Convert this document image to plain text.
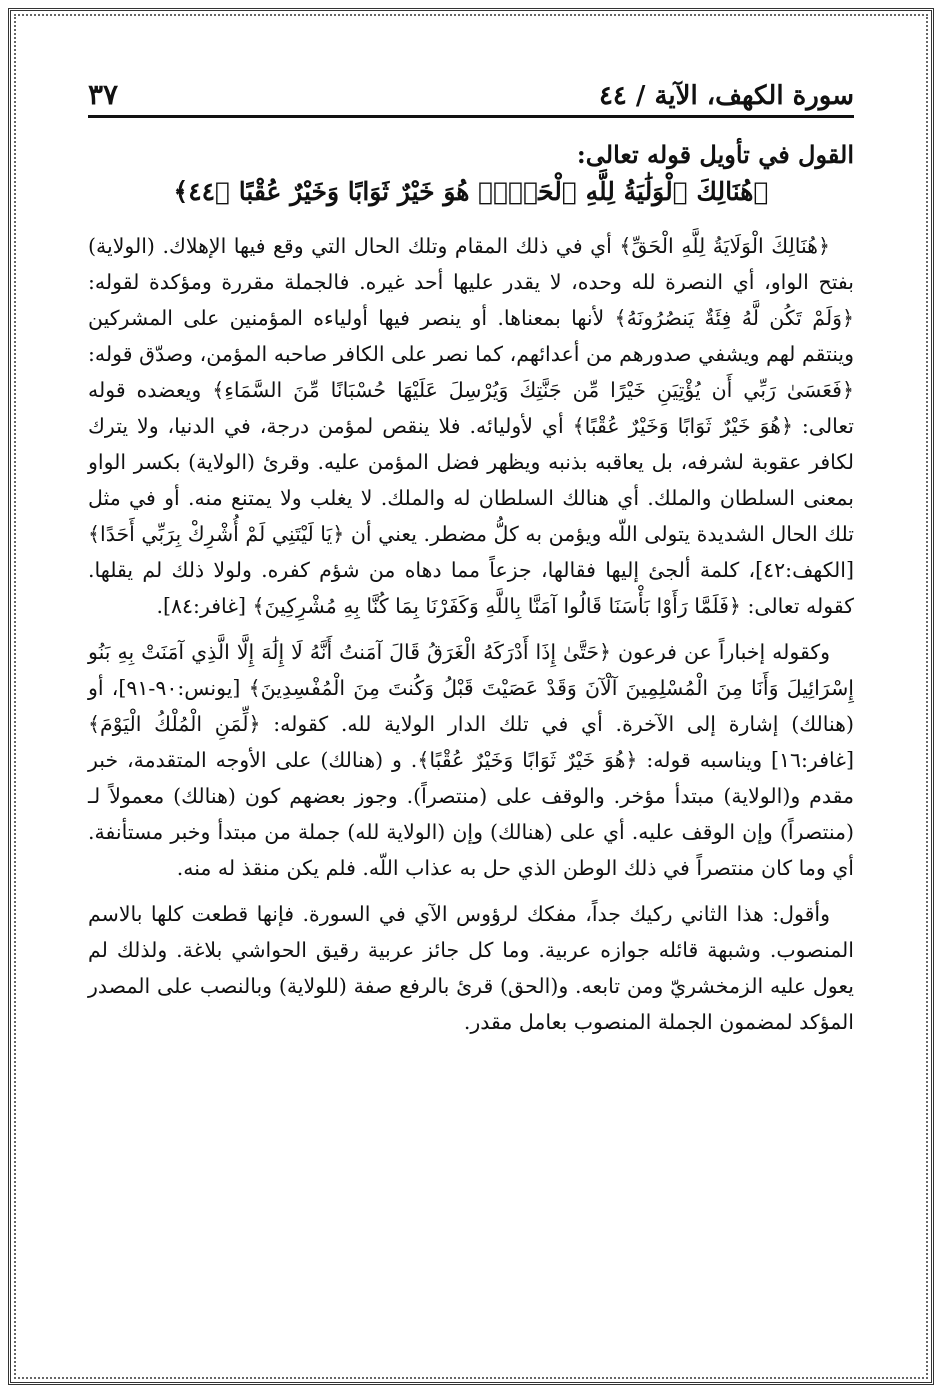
سورة الكهف، الآية / ٤٤
٣٧
القول في تأويل قوله تعالى:
﴿هُنَالِكَ ٱلْوَلَٰيَةُ لِلَّهِ ٱلْحَقِّۚ هُوَ خَيْرٌ ثَوَابًا وَخَيْرٌ عُقْبًا ﴿٤٤﴾

﴿هُنَالِكَ الْوَلَايَةُ لِلَّهِ الْحَقِّ﴾ أي في ذلك المقام وتلك الحال التي وقع فيها الإهلاك. (الولاية) بفتح الواو، أي النصرة لله وحده، لا يقدر عليها أحد غيره. فالجملة مقررة ومؤكدة لقوله: ﴿وَلَمْ تَكُن لَّهُ فِئَةٌ يَنصُرُونَهُ﴾ لأنها بمعناها. أو ينصر فيها أولياءه المؤمنين على المشركين وينتقم لهم ويشفي صدورهم من أعدائهم، كما نصر على الكافر صاحبه المؤمن، وصدّق قوله: ﴿فَعَسَىٰ رَبِّي أَن يُؤْتِيَنِ خَيْرًا مِّن جَنَّتِكَ وَيُرْسِلَ عَلَيْهَا حُسْبَانًا مِّنَ السَّمَاءِ﴾ ويعضده قوله تعالى: ﴿هُوَ خَيْرٌ ثَوَابًا وَخَيْرٌ عُقْبًا﴾ أي لأوليائه. فلا ينقص لمؤمن درجة، في الدنيا، ولا يترك لكافر عقوبة لشرفه، بل يعاقبه بذنبه ويظهر فضل المؤمن عليه. وقرئ (الولاية) بكسر الواو بمعنى السلطان والملك. أي هنالك السلطان له والملك. لا يغلب ولا يمتنع منه. أو في مثل تلك الحال الشديدة يتولى اللّه ويؤمن به كلُّ مضطر. يعني أن ﴿يَا لَيْتَنِي لَمْ أُشْرِكْ بِرَبِّي أَحَدًا﴾ [الكهف:٤٢]، كلمة ألجئ إليها فقالها، جزعاً مما دهاه من شؤم كفره. ولولا ذلك لم يقلها. كقوله تعالى: ﴿فَلَمَّا رَأَوْا بَأْسَنَا قَالُوا آمَنَّا بِاللَّهِ وَكَفَرْنَا بِمَا كُنَّا بِهِ مُشْرِكِينَ﴾ [غافر:٨٤].

وكقوله إخباراً عن فرعون ﴿حَتَّىٰ إِذَا أَدْرَكَهُ الْغَرَقُ قَالَ آمَنتُ أَنَّهُ لَا إِلَٰهَ إِلَّا الَّذِي آمَنَتْ بِهِ بَنُو إِسْرَائِيلَ وَأَنَا مِنَ الْمُسْلِمِينَ آلْآنَ وَقَدْ عَصَيْتَ قَبْلُ وَكُنتَ مِنَ الْمُفْسِدِينَ﴾ [يونس:٩٠-٩١]، أو (هنالك) إشارة إلى الآخرة. أي في تلك الدار الولاية لله. كقوله: ﴿لِّمَنِ الْمُلْكُ الْيَوْمَ﴾ [غافر:١٦] ويناسبه قوله: ﴿هُوَ خَيْرٌ ثَوَابًا وَخَيْرٌ عُقْبًا﴾. و (هنالك) على الأوجه المتقدمة، خبر مقدم و(الولاية) مبتدأ مؤخر. والوقف على (منتصراً). وجوز بعضهم كون (هنالك) معمولاً لـ (منتصراً) وإن الوقف عليه. أي على (هنالك) وإن (الولاية لله) جملة من مبتدأ وخبر مستأنفة. أي وما كان منتصراً في ذلك الوطن الذي حل به عذاب اللّه. فلم يكن منقذ له منه.

وأقول: هذا الثاني ركيك جداً، مفكك لرؤوس الآي في السورة. فإنها قطعت كلها بالاسم المنصوب. وشبهة قائله جوازه عربية. وما كل جائز عربية رقيق الحواشي بلاغة. ولذلك لم يعول عليه الزمخشريّ ومن تابعه. و(الحق) قرئ بالرفع صفة (للولاية) وبالنصب على المصدر المؤكد لمضمون الجملة المنصوب بعامل مقدر.
